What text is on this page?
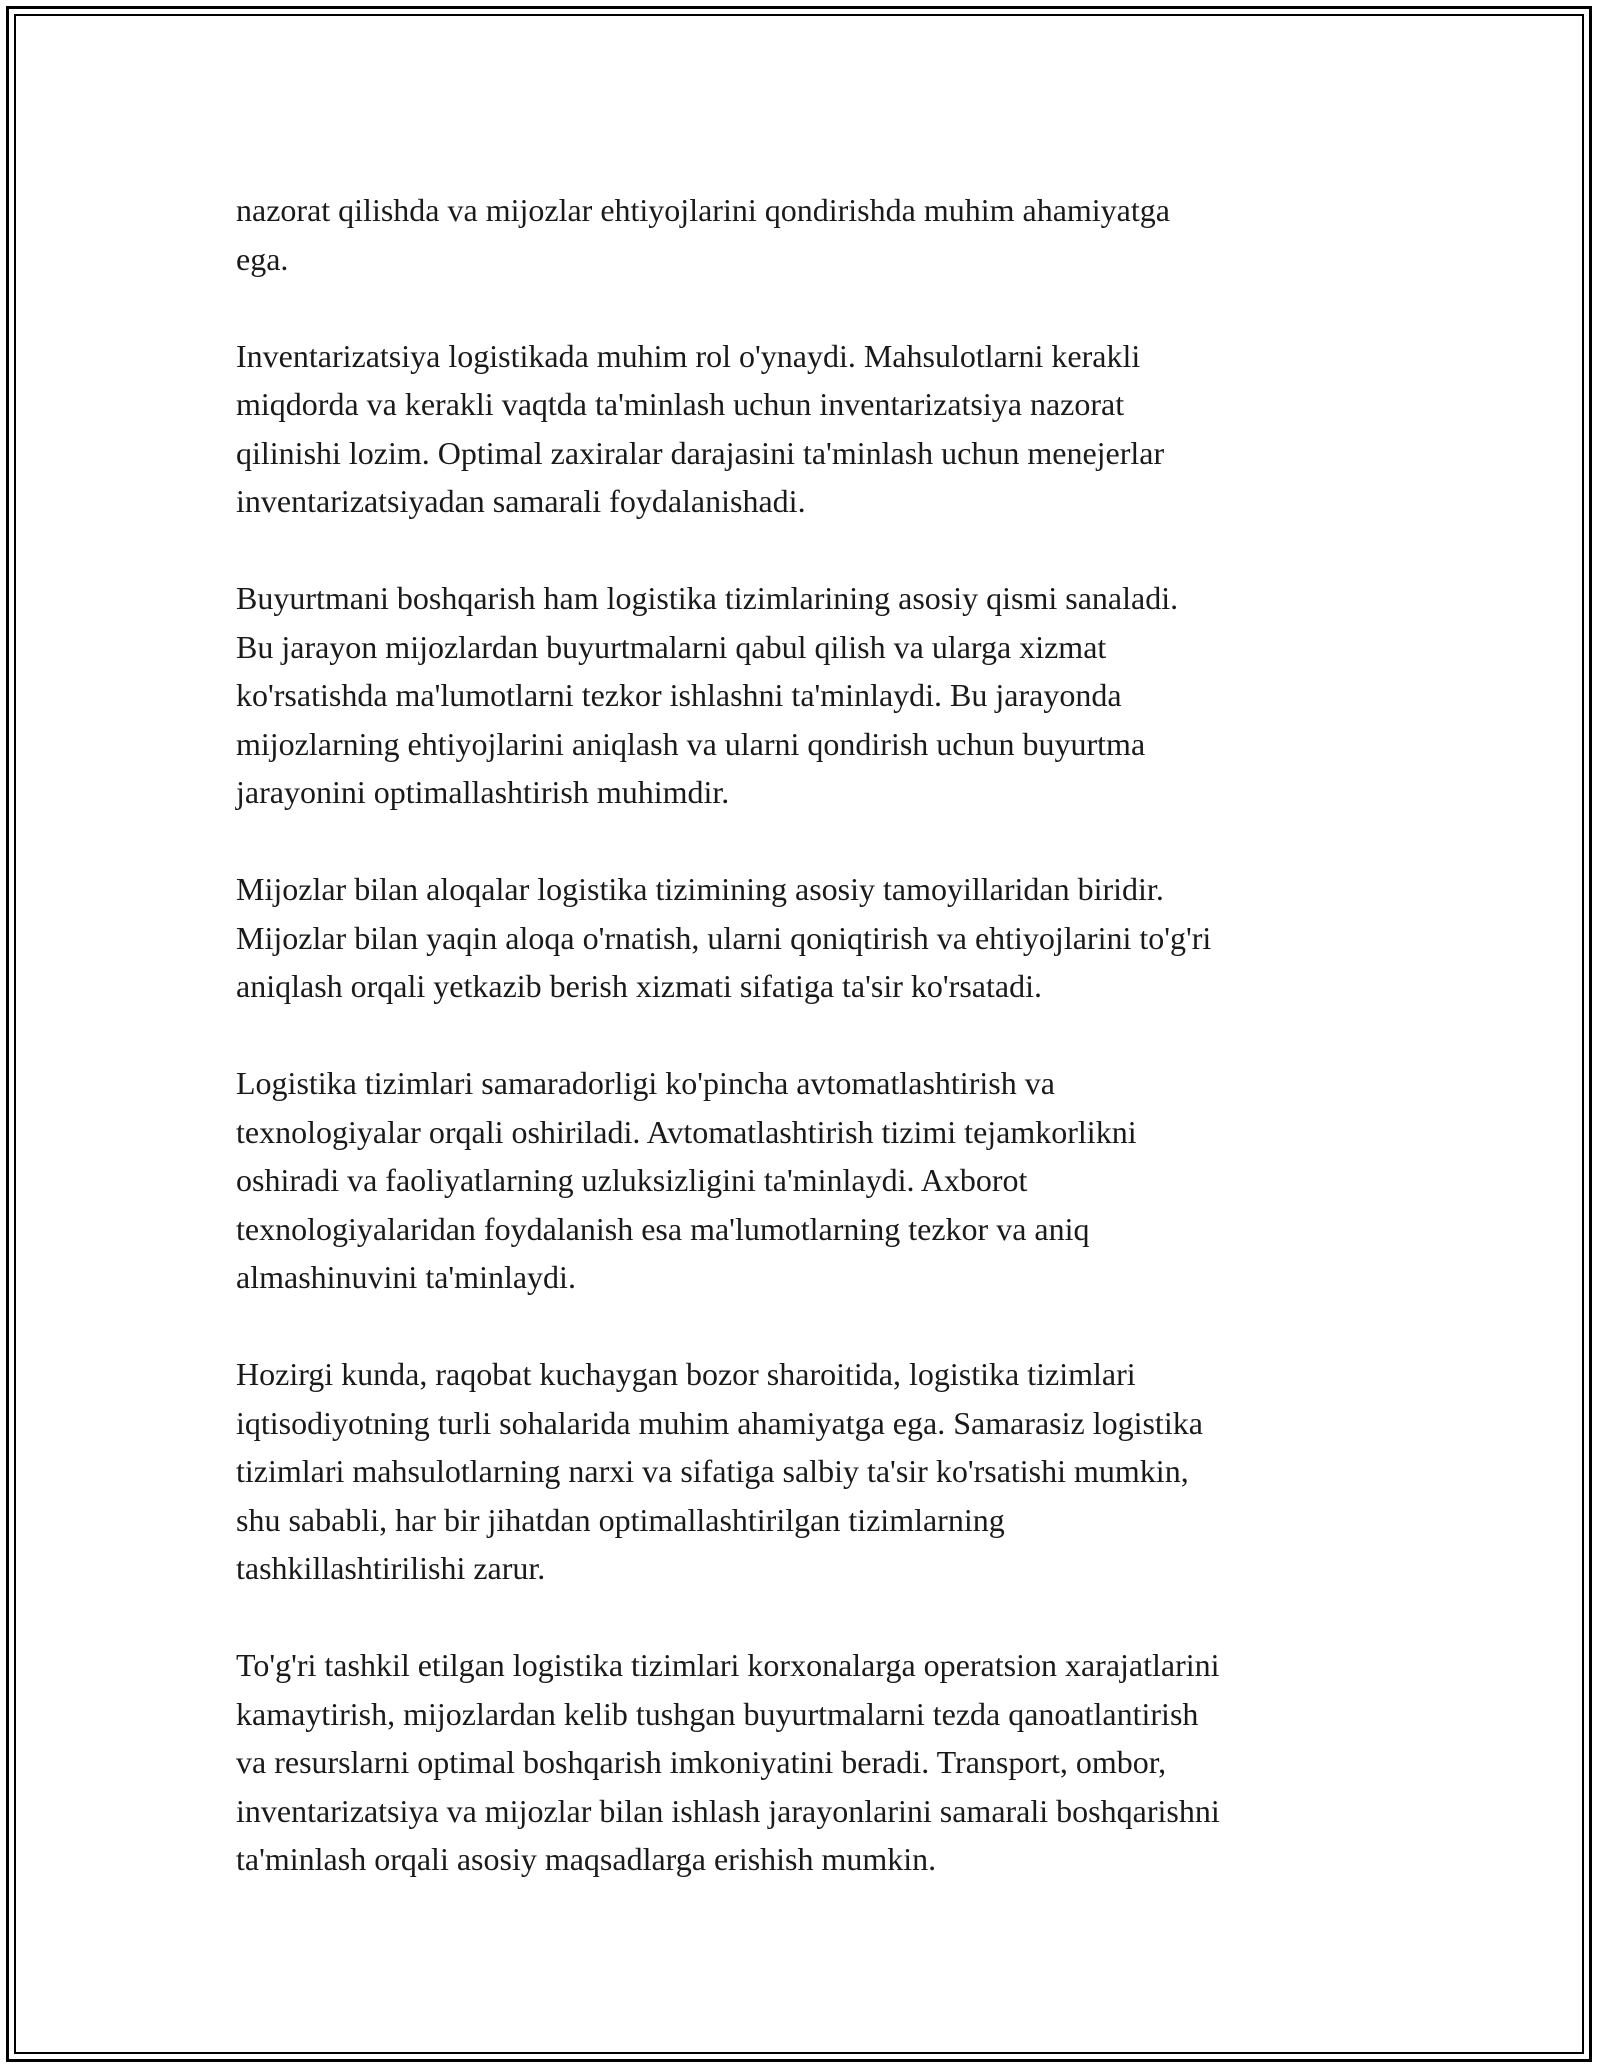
nazorat qilishda va mijozlar ehtiyojlarini qondirishda muhim ahamiyatga
ega.

Inventarizatsiya logistikada muhim rol o'ynaydi. Mahsulotlarni kerakli
miqdorda va kerakli vaqtda ta'minlash uchun inventarizatsiya nazorat
qilinishi lozim. Optimal zaxiralar darajasini ta'minlash uchun menejerlar
inventarizatsiyadan samarali foydalanishadi.

Buyurtmani boshqarish ham logistika tizimlarining asosiy qismi sanaladi.
Bu jarayon mijozlardan buyurtmalarni qabul qilish va ularga xizmat
ko'rsatishda ma'lumotlarni tezkor ishlashni ta'minlaydi. Bu jarayonda
mijozlarning ehtiyojlarini aniqlash va ularni qondirish uchun buyurtma
jarayonini optimallashtirish muhimdir.

Mijozlar bilan aloqalar logistika tizimining asosiy tamoyillaridan biridir.
Mijozlar bilan yaqin aloqa o'rnatish, ularni qoniqtirish va ehtiyojlarini to'g'ri
aniqlash orqali yetkazib berish xizmati sifatiga ta'sir ko'rsatadi.

Logistika tizimlari samaradorligi ko'pincha avtomatlashtirish va
texnologiyalar orqali oshiriladi. Avtomatlashtirish tizimi tejamkorlikni
oshiradi va faoliyatlarning uzluksizligini ta'minlaydi. Axborot
texnologiyalaridan foydalanish esa ma'lumotlarning tezkor va aniq
almashinuvini ta'minlaydi.

Hozirgi kunda, raqobat kuchaygan bozor sharoitida, logistika tizimlari
iqtisodiyotning turli sohalarida muhim ahamiyatga ega. Samarasiz logistika
tizimlari mahsulotlarning narxi va sifatiga salbiy ta'sir ko'rsatishi mumkin,
shu sababli, har bir jihatdan optimallashtirilgan tizimlarning
tashkillashtirilishi zarur.

To'g'ri tashkil etilgan logistika tizimlari korxonalarga operatsion xarajatlarini
kamaytirish, mijozlardan kelib tushgan buyurtmalarni tezda qanoatlantirish
va resurslarni optimal boshqarish imkoniyatini beradi. Transport, ombor,
inventarizatsiya va mijozlar bilan ishlash jarayonlarini samarali boshqarishni
ta'minlash orqali asosiy maqsadlarga erishish mumkin.
